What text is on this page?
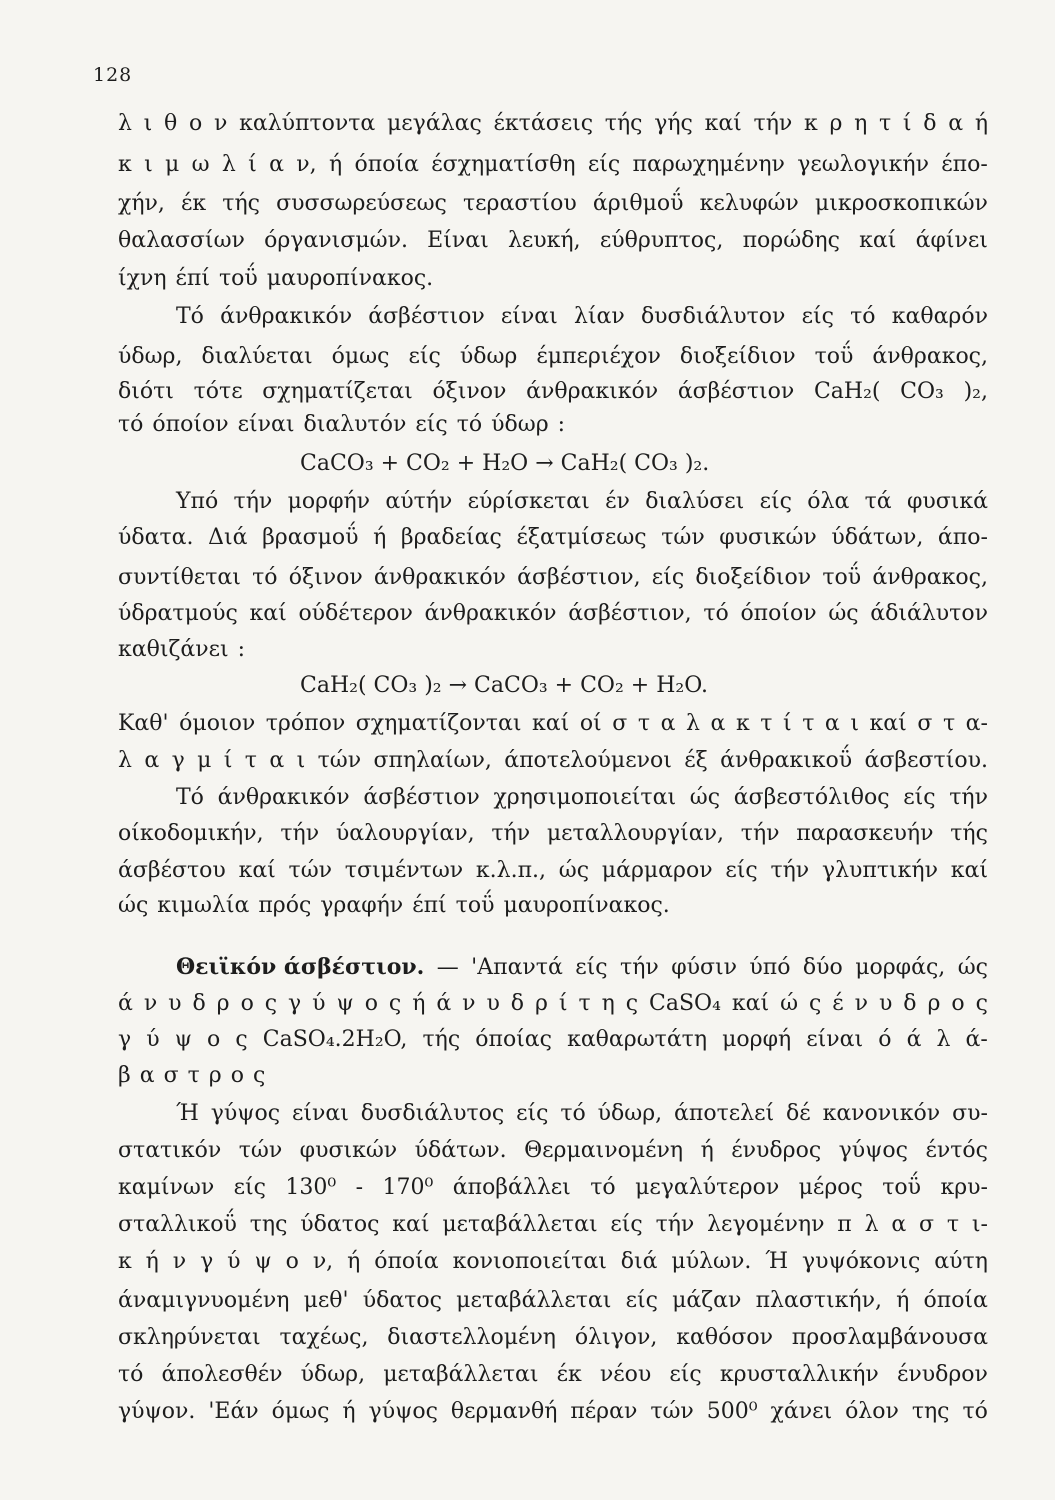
128
λ ι θ ο ν καλύπτοντα μεγάλας έκτάσεις τής γής καί τήν κ ρ η τ ί δ α ή
κ ι μ ω λ ί α ν, ή όποία έσχηματίσθη είς παρωχημένην γεωλογικήν έπο-
χήν, έκ τής συσσωρεύσεως τεραστίου άριθμοΰ κελυφών μικροσκοπικών
θαλασσίων όργανισμών. Είναι λευκή, εύθρυπτος, πορώδης καί άφίνει
ίχνη έπί τοΰ μαυροπίνακος.
Τό άνθρακικόν άσβέστιον είναι λίαν δυσδιάλυτον είς τό καθαρόν
ύδωρ, διαλύεται όμως είς ύδωρ έμπεριέχον διοξείδιον τοΰ άνθρακος,
διότι τότε σχηματίζεται όξινον άνθρακικόν άσβέστιον CaH₂( CO₃ )₂,
τό όποίον είναι διαλυτόν είς τό ύδωρ :
CaCO₃ + CO₂ + H₂O → CaH₂( CO₃ )₂.
Υπό τήν μορφήν αύτήν εύρίσκεται έν διαλύσει είς όλα τά φυσικά
ύδατα. Διά βρασμοΰ ή βραδείας έξατμίσεως τών φυσικών ύδάτων, άπο-
συντίθεται τό όξινον άνθρακικόν άσβέστιον, είς διοξείδιον τοΰ άνθρακος,
ύδρατμούς καί ούδέτερον άνθρακικόν άσβέστιον, τό όποίον ώς άδιάλυτον
καθιζάνει :
CaH₂( CO₃ )₂ → CaCO₃ + CO₂ + H₂O.
Καθ' όμοιον τρόπον σχηματίζονται καί οί σ τ α λ α κ τ ί τ α ι καί σ τ α-
λ α γ μ ί τ α ι τών σπηλαίων, άποτελούμενοι έξ άνθρακικοΰ άσβεστίου.
Τό άνθρακικόν άσβέστιον χρησιμοποιείται ώς άσβεστόλιθος είς τήν
οίκοδομικήν, τήν ύαλουργίαν, τήν μεταλλουργίαν, τήν παρασκευήν τής
άσβέστου καί τών τσιμέντων κ.λ.π., ώς μάρμαρον είς τήν γλυπτικήν καί
ώς κιμωλία πρός γραφήν έπί τοΰ μαυροπίνακος.
Θειϊκόν άσβέστιον. — 'Απαντά είς τήν φύσιν ύπό δύο μορφάς, ώς
ά ν υ δ ρ ο ς γ ύ ψ ο ς ή ά ν υ δ ρ ί τ η ς CaSO₄ καί ώ ς έ ν υ δ ρ ο ς
γ ύ ψ ο ς CaSO₄.2H₂O, τής όποίας καθαρωτάτη μορφή είναι ό ά λ ά-
β α σ τ ρ ο ς
Ή γύψος είναι δυσδιάλυτος είς τό ύδωρ, άποτελεί δέ κανονικόν συ-
στατικόν τών φυσικών ύδάτων. Θερμαινομένη ή ένυδρος γύψος έντός
καμίνων είς 130⁰ - 170⁰ άποβάλλει τό μεγαλύτερον μέρος τοΰ κρυ-
σταλλικοΰ της ύδατος καί μεταβάλλεται είς τήν λεγομένην π λ α σ τ ι-
κ ή ν γ ύ ψ ο ν, ή όποία κονιοποιείται διά μύλων. Ή γυψόκονις αύτη
άναμιγνυομένη μεθ' ύδατος μεταβάλλεται είς μάζαν πλαστικήν, ή όποία
σκληρύνεται ταχέως, διαστελλομένη όλιγον, καθόσον προσλαμβάνουσα
τό άπολεσθέν ύδωρ, μεταβάλλεται έκ νέου είς κρυσταλλικήν ένυδρον
γύψον. 'Εάν όμως ή γύψος θερμανθή πέραν τών 500⁰ χάνει όλον της τό
